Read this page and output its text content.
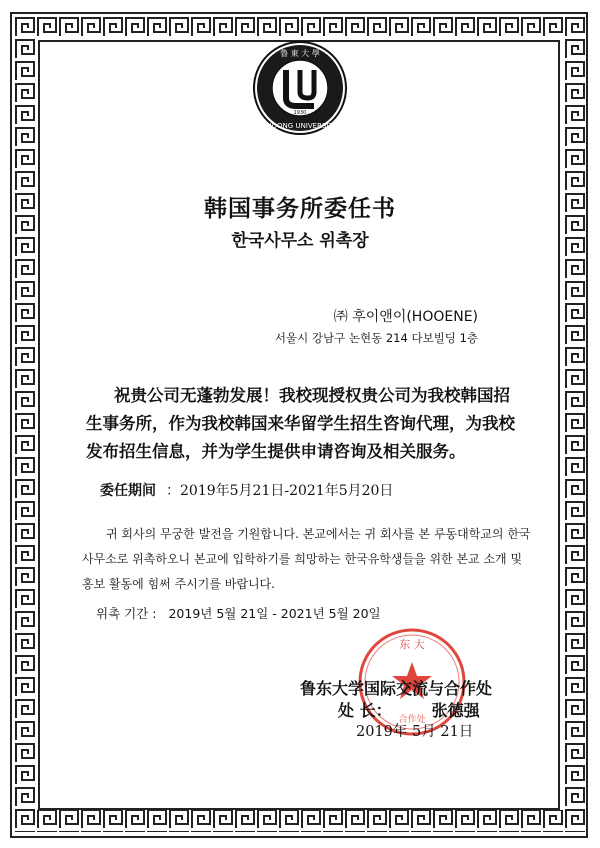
鲁 東 大 學
LUDONG UNIVERSITY
1930
韩国事务所委任书
한국사무소 위촉장
㈜ 후이앤이(HOOENE)
서울시 강남구 논현동 214 다보빌딩 1층
祝贵公司无蓬勃发展！我校现授权贵公司为我校韩国招生事务所，作为我校韩国来华留学生招生咨询代理，为我校发布招生信息，并为学生提供申请咨询及相关服务。
委任期间 ：2019年5月21日-2021年5月20日
귀 회사의 무궁한 발전을 기원합니다. 본교에서는 귀 회사를 본 루동대학교의 한국사무소로 위촉하오니 본교에 입학하기를 희망하는 한국유학생들을 위한 본교 소개 및 홍보 활동에 힘써 주시기를 바랍니다.
위촉 기간 : 2019년 5월 21일 - 2021년 5월 20일
东 大
合作处
鲁东大学国际交流与合作处
处 长：	张德强
2019年 5月 21日
